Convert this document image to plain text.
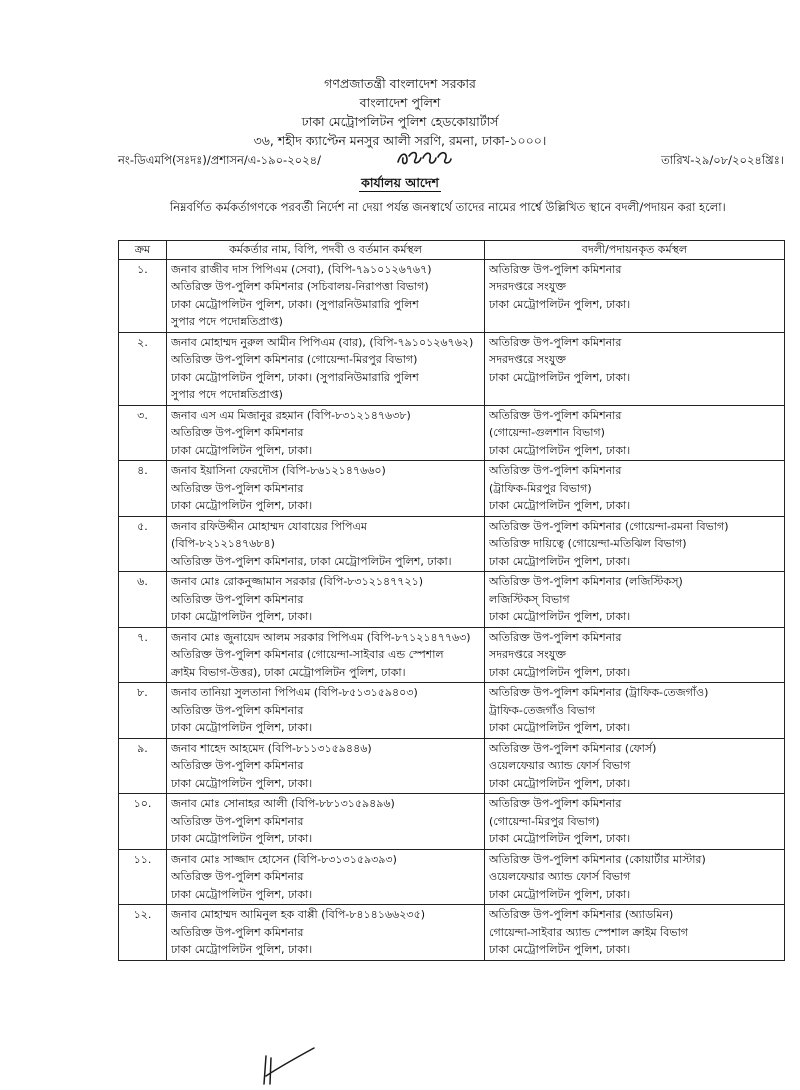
গণপ্রজাতন্ত্রী বাংলাদেশ সরকার
বাংলাদেশ পুলিশ
ঢাকা মেট্রোপলিটন পুলিশ হেডকোয়ার্টার্স
৩৬, শহীদ ক্যাপ্টেন মনসুর আলী সরণি, রমনা, ঢাকা-১০০০।
নং-ডিএমপি(সঃদঃ)/প্রশাসন/এ-১৯০-২০২৪/	তারিখ-২৯/০৮/২০২৪খ্রিঃ।
কার্যালয় আদেশ

নিম্নবর্ণিত কর্মকর্তাগণকে পরবর্তী নির্দেশ না দেয়া পর্যন্ত জনস্বার্থে তাদের নামের পার্শ্বে উল্লিখিত স্থানে বদলী/পদায়ন করা হলো।

ক্রম	কর্মকর্তার নাম, বিপি, পদবী ও বর্তমান কর্মস্থল	বদলী/পদায়নকৃত কর্মস্থল
১.	জনাব রাজীব দাস পিপিএম (সেবা), (বিপি-৭৯১০১২৬৭৬৭)
অতিরিক্ত উপ-পুলিশ কমিশনার (সচিবালয়-নিরাপত্তা বিভাগ)
ঢাকা মেট্রোপলিটন পুলিশ, ঢাকা। (সুপারনিউমারারি পুলিশ
সুপার পদে পদোন্নতিপ্রাপ্ত)	অতিরিক্ত উপ-পুলিশ কমিশনার
সদরদপ্তরে সংযুক্ত
ঢাকা মেট্রোপলিটন পুলিশ, ঢাকা।

২.	জনাব মোহাম্মদ নুরুল আমীন পিপিএম (বার), (বিপি-৭৯১০১২৬৭৬২)
অতিরিক্ত উপ-পুলিশ কমিশনার (গোয়েন্দা-মিরপুর বিভাগ)
ঢাকা মেট্রোপলিটন পুলিশ, ঢাকা। (সুপারনিউমারারি পুলিশ
সুপার পদে পদোন্নতিপ্রাপ্ত)	অতিরিক্ত উপ-পুলিশ কমিশনার
সদরদপ্তরে সংযুক্ত
ঢাকা মেট্রোপলিটন পুলিশ, ঢাকা।

৩.	জনাব এস এম মিজানুর রহমান (বিপি-৮৩১২১৪৭৬৩৮)
অতিরিক্ত উপ-পুলিশ কমিশনার
ঢাকা মেট্রোপলিটন পুলিশ, ঢাকা।	অতিরিক্ত উপ-পুলিশ কমিশনার
(গোয়েন্দা-গুলশান বিভাগ)
ঢাকা মেট্রোপলিটন পুলিশ, ঢাকা।

৪.	জনাব ইয়াসিনা ফেরদৌস (বিপি-৮৬১২১৪৭৬৬০)
অতিরিক্ত উপ-পুলিশ কমিশনার
ঢাকা মেট্রোপলিটন পুলিশ, ঢাকা।	অতিরিক্ত উপ-পুলিশ কমিশনার
(ট্রাফিক-মিরপুর বিভাগ)
ঢাকা মেট্রোপলিটন পুলিশ, ঢাকা।

৫.	জনাব রফিউদ্দীন মোহাম্মদ যোবায়ের পিপিএম
(বিপি-৮২১২১৪৭৬৮৪)
অতিরিক্ত উপ-পুলিশ কমিশনার, ঢাকা মেট্রোপলিটন পুলিশ, ঢাকা।	অতিরিক্ত উপ-পুলিশ কমিশনার (গোয়েন্দা-রমনা বিভাগ)
অতিরিক্ত দায়িত্বে (গোয়েন্দা-মতিঝিল বিভাগ)
ঢাকা মেট্রোপলিটন পুলিশ, ঢাকা।

৬.	জনাব মোঃ রোকনুজ্জামান সরকার (বিপি-৮৩১২১৪৭৭২১)
অতিরিক্ত উপ-পুলিশ কমিশনার
ঢাকা মেট্রোপলিটন পুলিশ, ঢাকা।	অতিরিক্ত উপ-পুলিশ কমিশনার (লজিস্টিকস্)
লজিস্টিকস্ বিভাগ
ঢাকা মেট্রোপলিটন পুলিশ, ঢাকা।

৭.	জনাব মোঃ জুনায়েদ আলম সরকার পিপিএম (বিপি-৮৭১২১৪৭৭৬৩)
অতিরিক্ত উপ-পুলিশ কমিশনার (গোয়েন্দা-সাইবার এন্ড স্পেশাল
ক্রাইম বিভাগ-উত্তর), ঢাকা মেট্রোপলিটন পুলিশ, ঢাকা।	অতিরিক্ত উপ-পুলিশ কমিশনার
সদরদপ্তরে সংযুক্ত
ঢাকা মেট্রোপলিটন পুলিশ, ঢাকা।

৮.	জনাব তানিয়া সুলতানা পিপিএম (বিপি-৮৫১৩১৫৯৪০৩)
অতিরিক্ত উপ-পুলিশ কমিশনার
ঢাকা মেট্রোপলিটন পুলিশ, ঢাকা।	অতিরিক্ত উপ-পুলিশ কমিশনার (ট্রাফিক-তেজগাঁও)
ট্রাফিক-তেজগাঁও বিভাগ
ঢাকা মেট্রোপলিটন পুলিশ, ঢাকা।

৯.	জনাব শাহেদ আহমেদ (বিপি-৮১১৩১৫৯৪৪৬)
অতিরিক্ত উপ-পুলিশ কমিশনার
ঢাকা মেট্রোপলিটন পুলিশ, ঢাকা।	অতিরিক্ত উপ-পুলিশ কমিশনার (ফোর্স)
ওয়েলফেয়ার অ্যান্ড ফোর্স বিভাগ
ঢাকা মেট্রোপলিটন পুলিশ, ঢাকা।

১০.	জনাব মোঃ সোনাহর আলী (বিপি-৮৮১৩১৫৯৪৯৬)
অতিরিক্ত উপ-পুলিশ কমিশনার
ঢাকা মেট্রোপলিটন পুলিশ, ঢাকা।	অতিরিক্ত উপ-পুলিশ কমিশনার
(গোয়েন্দা-মিরপুর বিভাগ)
ঢাকা মেট্রোপলিটন পুলিশ, ঢাকা।

১১.	জনাব মোঃ সাজ্জাদ হোসেন (বিপি-৮৩১৩১৫৯৩৯৩)
অতিরিক্ত উপ-পুলিশ কমিশনার
ঢাকা মেট্রোপলিটন পুলিশ, ঢাকা।	অতিরিক্ত উপ-পুলিশ কমিশনার (কোয়ার্টার মাস্টার)
ওয়েলফেয়ার অ্যান্ড ফোর্স বিভাগ
ঢাকা মেট্রোপলিটন পুলিশ, ঢাকা।

১২.	জনাব মোহাম্মদ আমিনুল হক বাপ্পী (বিপি-৮৪১৪১৬৬২৩৫)
অতিরিক্ত উপ-পুলিশ কমিশনার
ঢাকা মেট্রোপলিটন পুলিশ, ঢাকা।	অতিরিক্ত উপ-পুলিশ কমিশনার (অ্যাডমিন)
গোয়েন্দা-সাইবার অ্যান্ড স্পেশাল ক্রাইম বিভাগ
ঢাকা মেট্রোপলিটন পুলিশ, ঢাকা।
